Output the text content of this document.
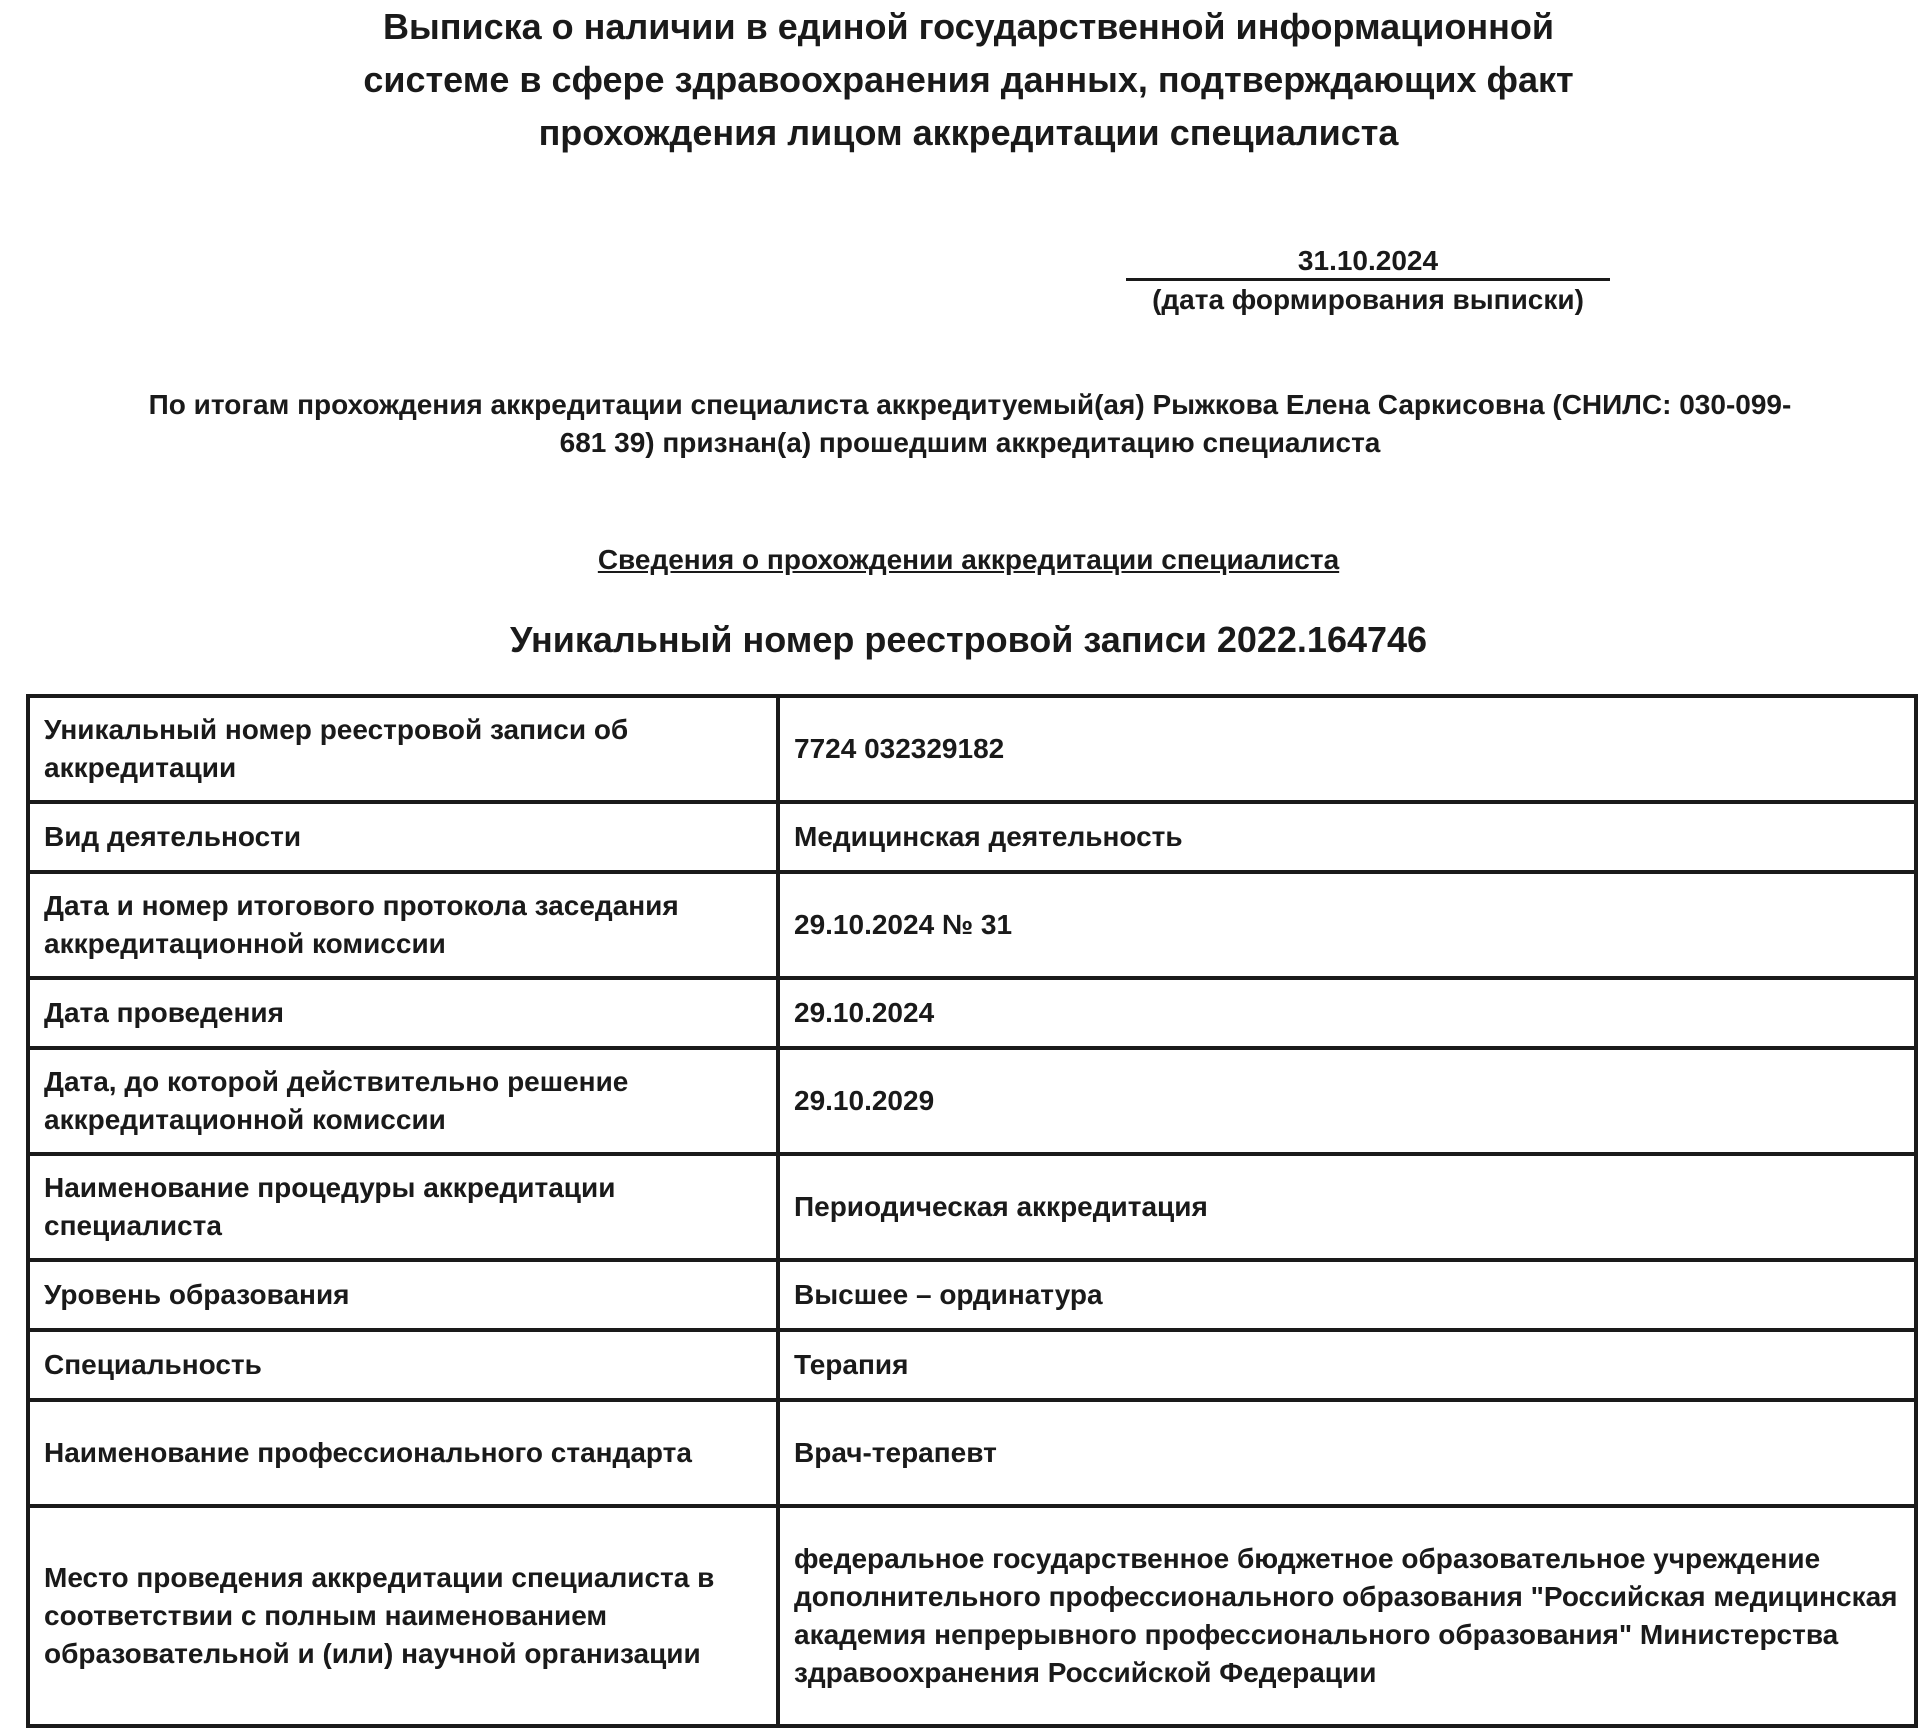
Выписка о наличии в единой государственной информационной
системе в сфере здравоохранения данных, подтверждающих факт
прохождения лицом аккредитации специалиста
31.10.2024
(дата формирования выписки)
По итогам прохождения аккредитации специалиста аккредитуемый(ая) Рыжкова Елена Саркисовна (СНИЛС: 030-099-
681 39) признан(а) прошедшим аккредитацию специалиста
Сведения о прохождении аккредитации специалиста
Уникальный номер реестровой записи 2022.164746
Уникальный номер реестровой записи об аккредитации	7724 032329182
Вид деятельности	Медицинская деятельность
Дата и номер итогового протокола заседания аккредитационной комиссии	29.10.2024 № 31
Дата проведения	29.10.2024
Дата, до которой действительно решение аккредитационной комиссии	29.10.2029
Наименование процедуры аккредитации специалиста	Периодическая аккредитация
Уровень образования	Высшее – ординатура
Специальность	Терапия
Наименование профессионального стандарта	Врач-терапевт
Место проведения аккредитации специалиста в соответствии с полным наименованием образовательной и (или) научной организации	федеральное государственное бюджетное образовательное учреждение дополнительного профессионального образования "Российская медицинская академия непрерывного профессионального образования" Министерства здравоохранения Российской Федерации
